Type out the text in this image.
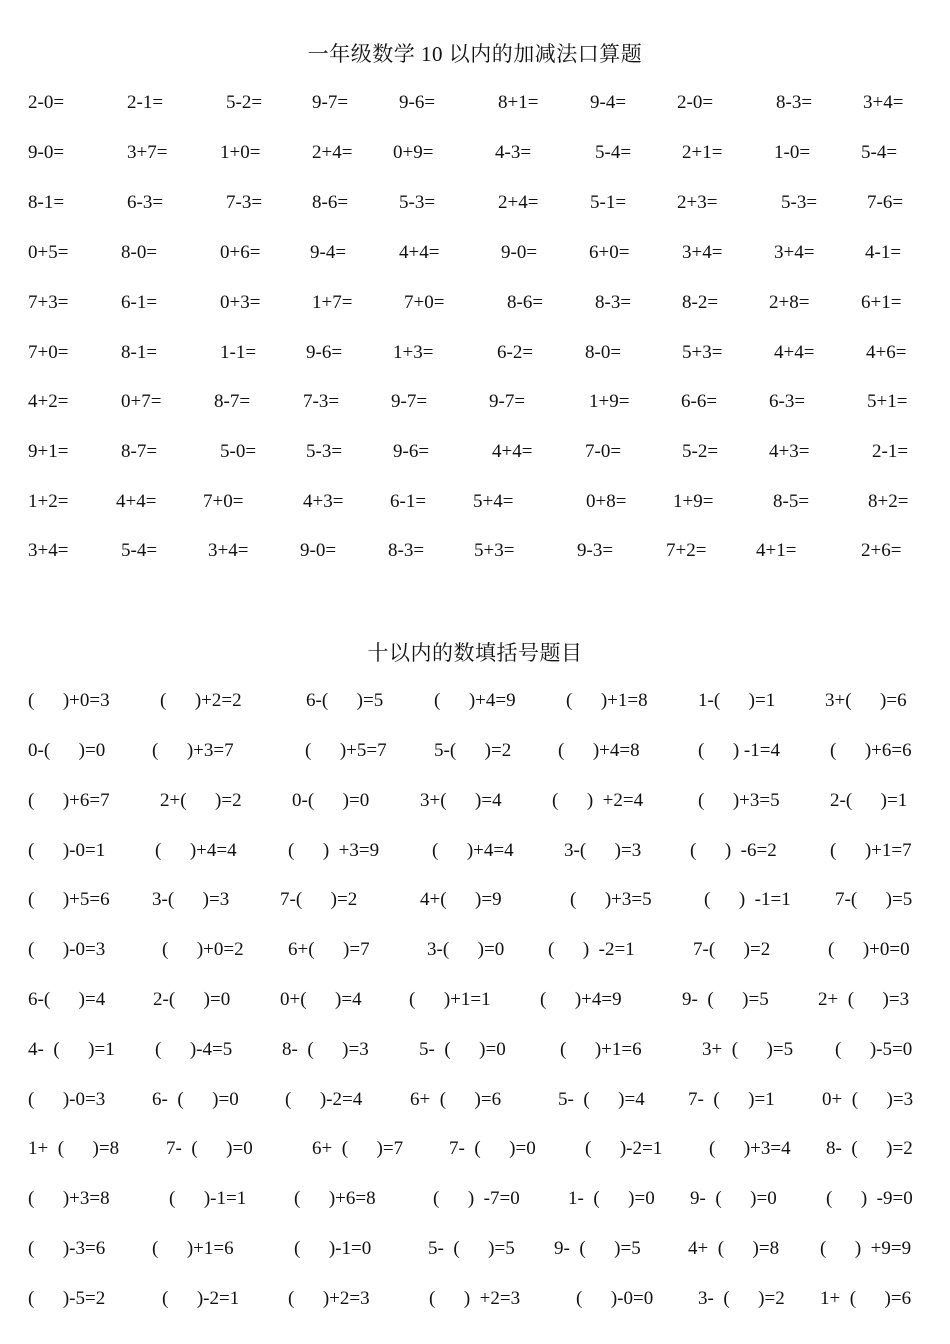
一年级数学 10 以内的加减法口算题
2-0=	2-1=	5-2=	9-7=	9-6=	8+1=	9-4=	2-0=	8-3=	3+4=
9-0=	3+7=	1+0=	2+4= 0+9=	4-3=	5-4=	2+1=	1-0=	5-4=
8-1=	6-3=	7-3=	8-6=	5-3=	2+4=	5-1=	2+3=	5-3=	7-6=
0+5=	8-0=	0+6=	9-4=	4+4=	9-0=	6+0=	3+4=	3+4=	4-1=
7+3=	6-1=	0+3=	1+7=	7+0=	8-6=	8-3=	8-2=	2+8=	6+1=
7+0=	8-1=	1-1=	9-6=	1+3=	6-2=	8-0=	5+3=	4+4=	4+6=
4+2=	0+7=	8-7=	7-3=	9-7=	9-7=	1+9=	6-6=	6-3=	5+1=
9+1=	8-7=	5-0=	5-3=	9-6=	4+4=	7-0=	5-2=	4+3=	2-1=
1+2=	4+4= 7+0=	4+3= 6-1= 5+4=	0+8= 1+9=	8-5=	8+2=
3+4=	5-4=	3+4=	9-0=	8-3=	5+3=	9-3=	7+2=	4+1=	2+6=
十以内的数填括号题目
(      )+0=3	(      )+2=2	6-(      )=5	(      )+4=9	(      )+1=8	1-(      )=1	3+(      )=6
0-(      )=0 (      )+3=7	(      )+5=7 5-(      )=2 (      )+4=8	(      ) -1=4	(      )+6=6
(      )+6=7	2+(      )=2	0-(      )=0	3+(      )=4	(      )  +2=4	(      )+3=5	2-(      )=1
(      )-0=1	(      )+4=4	(      )  +3=9	(      )+4=4	3-(      )=3	(      )  -6=2	(      )+1=7
(      )+5=6 3-(      )=3	7-(      )=2	4+(      )=9	(      )+3=5	(      )  -1=1 7-(      )=5
(      )-0=3	(      )+0=2 6+(      )=7	3-(      )=0 (      )  -2=1	7-(      )=2	(      )+0=0
6-(      )=4	2-(      )=0	0+(      )=4 (      )+1=1	(      )+4=9	9-  (      )=5	2+  (      )=3
4-  (      )=1 (      )-4=5	8-  (      )=3	5-  (      )=0	(      )+1=6	3+  (      )=5 (      )-5=0
(      )-0=3 6-  (      )=0 (      )-2=4	6+  (      )=6	5-  (      )=4 7-  (      )=1 0+  (      )=3
1+  (      )=8 7-  (      )=0	6+  (      )=7 7-  (      )=0	(      )-2=1 (      )+3=4 8-  (      )=2
(      )+3=8	(      )-1=1	(      )+6=8	(      )  -7=0	1-  (      )=0 9-  (      )=0	(      )  -9=0
(      )-3=6 (      )+1=6	(      )-1=0	5-  (      )=5 9-  (      )=5 4+  (      )=8 (      )  +9=9
(      )-5=2	(      )-2=1	(      )+2=3	(      )  +2=3	(      )-0=0 3-  (      )=2 1+  (      )=6
